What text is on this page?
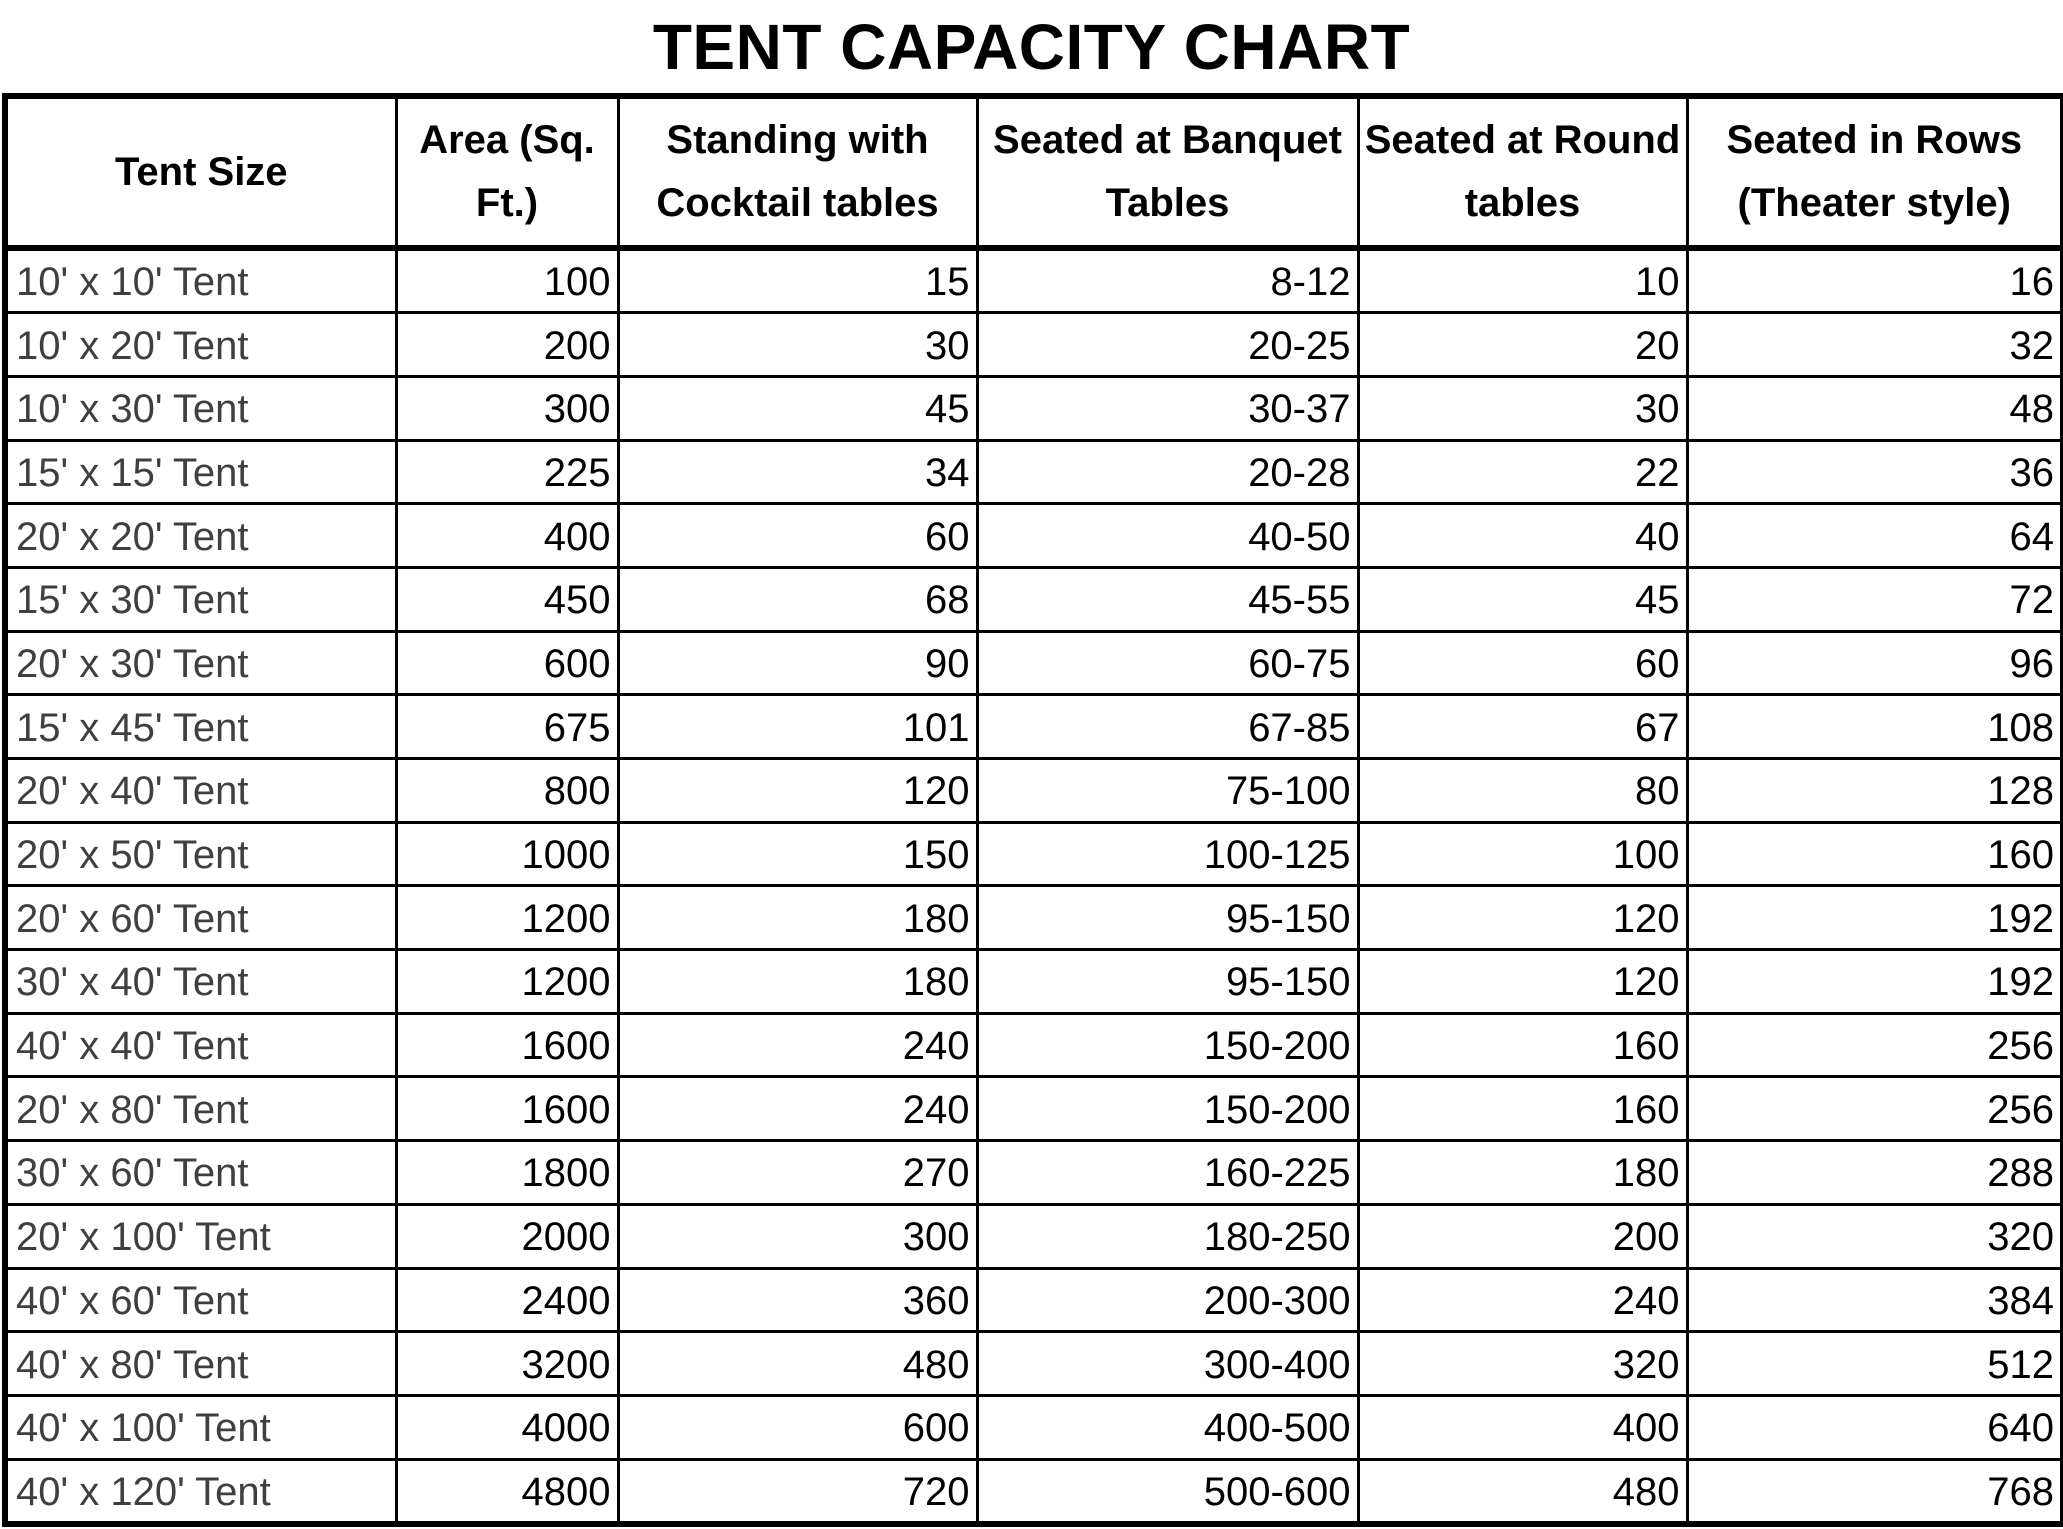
TENT CAPACITY CHART
Tent Size	Area (Sq. Ft.)	Standing with Cocktail tables	Seated at Banquet Tables	Seated at Round tables	Seated in Rows (Theater style)
10' x 10' Tent	100	15	8-12	10	16
10' x 20' Tent	200	30	20-25	20	32
10' x 30' Tent	300	45	30-37	30	48
15' x 15' Tent	225	34	20-28	22	36
20' x 20' Tent	400	60	40-50	40	64
15' x 30' Tent	450	68	45-55	45	72
20' x 30' Tent	600	90	60-75	60	96
15' x 45' Tent	675	101	67-85	67	108
20' x 40' Tent	800	120	75-100	80	128
20' x 50' Tent	1000	150	100-125	100	160
20' x 60' Tent	1200	180	95-150	120	192
30' x 40' Tent	1200	180	95-150	120	192
40' x 40' Tent	1600	240	150-200	160	256
20' x 80' Tent	1600	240	150-200	160	256
30' x 60' Tent	1800	270	160-225	180	288
20' x 100' Tent	2000	300	180-250	200	320
40' x 60' Tent	2400	360	200-300	240	384
40' x 80' Tent	3200	480	300-400	320	512
40' x 100' Tent	4000	600	400-500	400	640
40' x 120' Tent	4800	720	500-600	480	768
